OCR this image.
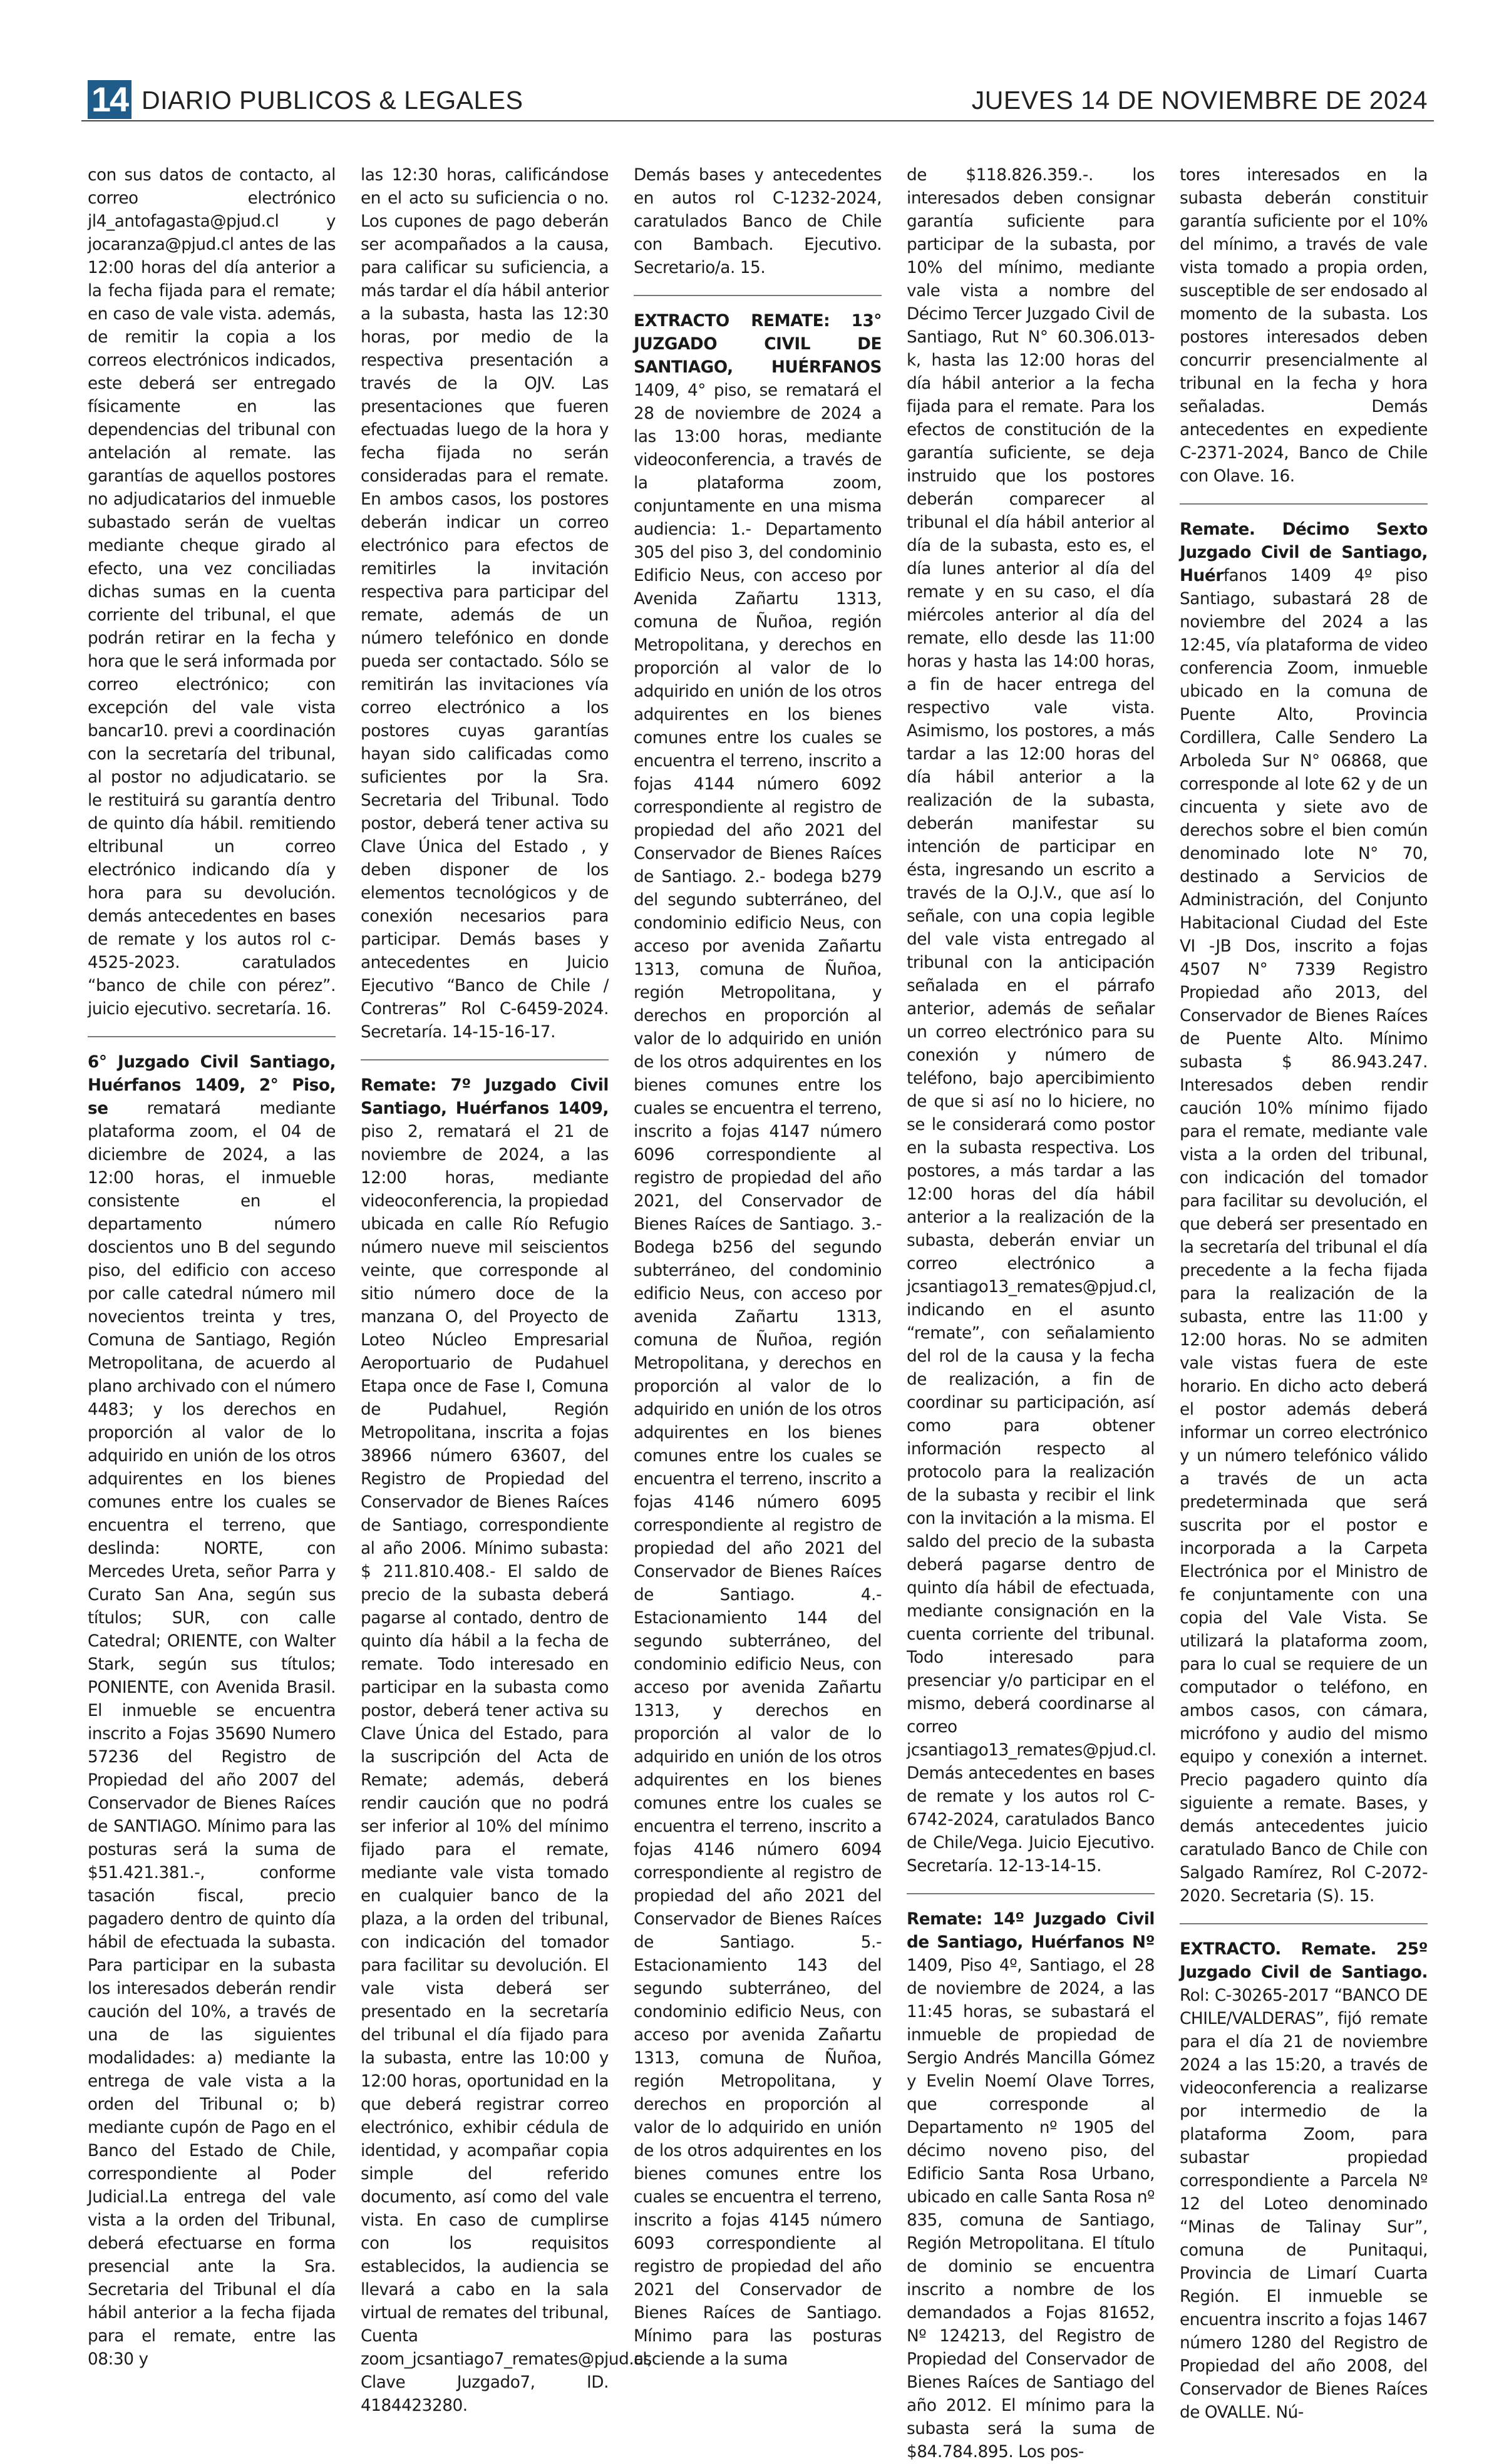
14 DIARIO PUBLICOS & LEGALES	JUEVES 14 DE NOVIEMBRE DE 2024

con sus datos de contacto, al correo electrónico jl4_antofagasta@pjud.cl y jocaranza@pjud.cl antes de las 12:00 horas del día anterior a la fecha fijada para el remate; en caso de vale vista. además, de remitir la copia a los correos electrónicos indicados, este deberá ser entregado físicamente en las dependencias del tribunal con antelación al remate. las garantías de aquellos postores no adjudicatarios del inmueble subastado serán de vueltas mediante cheque girado al efecto, una vez conciliadas dichas sumas en la cuenta corriente del tribunal, el que podrán retirar en la fecha y hora que le será informada por correo electrónico; con excepción del vale vista bancar10. previ a coordinación con la secretaría del tribunal, al postor no adjudicatario. se le restituirá su garantía dentro de quinto día hábil. remitiendo eltribunal un correo electrónico indicando día y hora para su devolución. demás antecedentes en bases de remate y los autos rol c-4525-2023. caratulados “banco de chile con pérez”. juicio ejecutivo. secretaría. 16.

6° Juzgado Civil Santiago, Huérfanos 1409, 2° Piso, se rematará mediante plataforma zoom, el 04 de diciembre de 2024, a las 12:00 horas, el inmueble consistente en el departamento número doscientos uno B del segundo piso, del edificio con acceso por calle catedral número mil novecientos treinta y tres, Comuna de Santiago, Región Metropolitana, de acuerdo al plano archivado con el número 4483; y los derechos en proporción al valor de lo adquirido en unión de los otros adquirentes en los bienes comunes entre los cuales se encuentra el terreno, que deslinda: NORTE, con Mercedes Ureta, señor Parra y Curato San Ana, según sus títulos; SUR, con calle Catedral; ORIENTE, con Walter Stark, según sus títulos; PONIENTE, con Avenida Brasil. El inmueble se encuentra inscrito a Fojas 35690 Numero 57236 del Registro de Propiedad del año 2007 del Conservador de Bienes Raíces de SANTIAGO. Mínimo para las posturas será la suma de $51.421.381.-, conforme tasación fiscal, precio pagadero dentro de quinto día hábil de efectuada la subasta. Para participar en la subasta los interesados deberán rendir caución del 10%, a través de una de las siguientes modalidades: a) mediante la entrega de vale vista a la orden del Tribunal o; b) mediante cupón de Pago en el Banco del Estado de Chile, correspondiente al Poder Judicial.La entrega del vale vista a la orden del Tribunal, deberá efectuarse en forma presencial ante la Sra. Secretaria del Tribunal el día hábil anterior a la fecha fijada para el remate, entre las 08:30 y

las 12:30 horas, calificándose en el acto su suficiencia o no. Los cupones de pago deberán ser acompañados a la causa, para calificar su suficiencia, a más tardar el día hábil anterior a la subasta, hasta las 12:30 horas, por medio de la respectiva presentación a través de la OJV. Las presentaciones que fueren efectuadas luego de la hora y fecha fijada no serán consideradas para el remate. En ambos casos, los postores deberán indicar un correo electrónico para efectos de remitirles la invitación respectiva para participar del remate, además de un número telefónico en donde pueda ser contactado. Sólo se remitirán las invitaciones vía correo electrónico a los postores cuyas garantías hayan sido calificadas como suficientes por la Sra. Secretaria del Tribunal. Todo postor, deberá tener activa su Clave Única del Estado , y deben disponer de los elementos tecnológicos y de conexión necesarios para participar. Demás bases y antecedentes en Juicio Ejecutivo “Banco de Chile / Contreras” Rol C-6459-2024. Secretaría. 14-15-16-17.

Remate: 7º Juzgado Civil Santiago, Huérfanos 1409, piso 2, rematará el 21 de noviembre de 2024, a las 12:00 horas, mediante videoconferencia, la propiedad ubicada en calle Río Refugio número nueve mil seiscientos veinte, que corresponde al sitio número doce de la manzana O, del Proyecto de Loteo Núcleo Empresarial Aeroportuario de Pudahuel Etapa once de Fase I, Comuna de Pudahuel, Región Metropolitana, inscrita a fojas 38966 número 63607, del Registro de Propiedad del Conservador de Bienes Raíces de Santiago, correspondiente al año 2006. Mínimo subasta: $ 211.810.408.- El saldo de precio de la subasta deberá pagarse al contado, dentro de quinto día hábil a la fecha de remate. Todo interesado en participar en la subasta como postor, deberá tener activa su Clave Única del Estado, para la suscripción del Acta de Remate; además, deberá rendir caución que no podrá ser inferior al 10% del mínimo fijado para el remate, mediante vale vista tomado en cualquier banco de la plaza, a la orden del tribunal, con indicación del tomador para facilitar su devolución. El vale vista deberá ser presentado en la secretaría del tribunal el día fijado para la subasta, entre las 10:00 y 12:00 horas, oportunidad en la que deberá registrar correo electrónico, exhibir cédula de identidad, y acompañar copia simple del referido documento, así como del vale vista. En caso de cumplirse con los requisitos establecidos, la audiencia se llevará a cabo en la sala virtual de remates del tribunal, Cuenta zoom_jcsantiago7_remates@pjud.cl, Clave Juzgado7, ID. 4184423280.

Demás bases y antecedentes en autos rol C-1232-2024, caratulados Banco de Chile con Bambach. Ejecutivo. Secretario/a. 15.

EXTRACTO REMATE: 13° JUZGADO CIVIL DE SANTIAGO, HUÉRFANOS 1409, 4° piso, se rematará el 28 de noviembre de 2024 a las 13:00 horas, mediante videoconferencia, a través de la plataforma zoom, conjuntamente en una misma audiencia: 1.- Departamento 305 del piso 3, del condominio Edificio Neus, con acceso por Avenida Zañartu 1313, comuna de Ñuñoa, región Metropolitana, y derechos en proporción al valor de lo adquirido en unión de los otros adquirentes en los bienes comunes entre los cuales se encuentra el terreno, inscrito a fojas 4144 número 6092 correspondiente al registro de propiedad del año 2021 del Conservador de Bienes Raíces de Santiago. 2.- bodega b279 del segundo subterráneo, del condominio edificio Neus, con acceso por avenida Zañartu 1313, comuna de Ñuñoa, región Metropolitana, y derechos en proporción al valor de lo adquirido en unión de los otros adquirentes en los bienes comunes entre los cuales se encuentra el terreno, inscrito a fojas 4147 número 6096 correspondiente al registro de propiedad del año 2021, del Conservador de Bienes Raíces de Santiago. 3.- Bodega b256 del segundo subterráneo, del condominio edificio Neus, con acceso por avenida Zañartu 1313, comuna de Ñuñoa, región Metropolitana, y derechos en proporción al valor de lo adquirido en unión de los otros adquirentes en los bienes comunes entre los cuales se encuentra el terreno, inscrito a fojas 4146 número 6095 correspondiente al registro de propiedad del año 2021 del Conservador de Bienes Raíces de Santiago. 4.- Estacionamiento 144 del segundo subterráneo, del condominio edificio Neus, con acceso por avenida Zañartu 1313, y derechos en proporción al valor de lo adquirido en unión de los otros adquirentes en los bienes comunes entre los cuales se encuentra el terreno, inscrito a fojas 4146 número 6094 correspondiente al registro de propiedad del año 2021 del Conservador de Bienes Raíces de Santiago. 5.- Estacionamiento 143 del segundo subterráneo, del condominio edificio Neus, con acceso por avenida Zañartu 1313, comuna de Ñuñoa, región Metropolitana, y derechos en proporción al valor de lo adquirido en unión de los otros adquirentes en los bienes comunes entre los cuales se encuentra el terreno, inscrito a fojas 4145 número 6093 correspondiente al registro de propiedad del año 2021 del Conservador de Bienes Raíces de Santiago. Mínimo para las posturas asciende a la suma

de $118.826.359.-. los interesados deben consignar garantía suficiente para participar de la subasta, por 10% del mínimo, mediante vale vista a nombre del Décimo Tercer Juzgado Civil de Santiago, Rut N° 60.306.013-k, hasta las 12:00 horas del día hábil anterior a la fecha fijada para el remate. Para los efectos de constitución de la garantía suficiente, se deja instruido que los postores deberán comparecer al tribunal el día hábil anterior al día de la subasta, esto es, el día lunes anterior al día del remate y en su caso, el día miércoles anterior al día del remate, ello desde las 11:00 horas y hasta las 14:00 horas, a fin de hacer entrega del respectivo vale vista. Asimismo, los postores, a más tardar a las 12:00 horas del día hábil anterior a la realización de la subasta, deberán manifestar su intención de participar en ésta, ingresando un escrito a través de la O.J.V., que así lo señale, con una copia legible del vale vista entregado al tribunal con la anticipación señalada en el párrafo anterior, además de señalar un correo electrónico para su conexión y número de teléfono, bajo apercibimiento de que si así no lo hiciere, no se le considerará como postor en la subasta respectiva. Los postores, a más tardar a las 12:00 horas del día hábil anterior a la realización de la subasta, deberán enviar un correo electrónico a jcsantiago13_remates@pjud.cl, indicando en el asunto “remate”, con señalamiento del rol de la causa y la fecha de realización, a fin de coordinar su participación, así como para obtener información respecto al protocolo para la realización de la subasta y recibir el link con la invitación a la misma. El saldo del precio de la subasta deberá pagarse dentro de quinto día hábil de efectuada, mediante consignación en la cuenta corriente del tribunal. Todo interesado para presenciar y/o participar en el mismo, deberá coordinarse al correo jcsantiago13_remates@pjud.cl. Demás antecedentes en bases de remate y los autos rol C-6742-2024, caratulados Banco de Chile/Vega. Juicio Ejecutivo. Secretaría. 12-13-14-15.

Remate: 14º Juzgado Civil de Santiago, Huérfanos Nº 1409, Piso 4º, Santiago, el 28 de noviembre de 2024, a las 11:45 horas, se subastará el inmueble de propiedad de Sergio Andrés Mancilla Gómez y Evelin Noemí Olave Torres, que corresponde al Departamento nº 1905 del décimo noveno piso, del Edificio Santa Rosa Urbano, ubicado en calle Santa Rosa nº 835, comuna de Santiago, Región Metropolitana. El título de dominio se encuentra inscrito a nombre de los demandados a Fojas 81652, Nº 124213, del Registro de Propiedad del Conservador de Bienes Raíces de Santiago del año 2012. El mínimo para la subasta será la suma de $84.784.895. Los pos-

tores interesados en la subasta deberán constituir garantía suficiente por el 10% del mínimo, a través de vale vista tomado a propia orden, susceptible de ser endosado al momento de la subasta. Los postores interesados deben concurrir presencialmente al tribunal en la fecha y hora señaladas. Demás antecedentes en expediente C-2371-2024, Banco de Chile con Olave. 16.

Remate. Décimo Sexto Juzgado Civil de Santiago, Huérfanos 1409 4º piso Santiago, subastará 28 de noviembre del 2024 a las 12:45, vía plataforma de video conferencia Zoom, inmueble ubicado en la comuna de Puente Alto, Provincia Cordillera, Calle Sendero La Arboleda Sur N° 06868, que corresponde al lote 62 y de un cincuenta y siete avo de derechos sobre el bien común denominado lote N° 70, destinado a Servicios de Administración, del Conjunto Habitacional Ciudad del Este VI -JB Dos, inscrito a fojas 4507 N° 7339 Registro Propiedad año 2013, del Conservador de Bienes Raíces de Puente Alto. Mínimo subasta $ 86.943.247. Interesados deben rendir caución 10% mínimo fijado para el remate, mediante vale vista a la orden del tribunal, con indicación del tomador para facilitar su devolución, el que deberá ser presentado en la secretaría del tribunal el día precedente a la fecha fijada para la realización de la subasta, entre las 11:00 y 12:00 horas. No se admiten vale vistas fuera de este horario. En dicho acto deberá el postor además deberá informar un correo electrónico y un número telefónico válido a través de un acta predeterminada que será suscrita por el postor e incorporada a la Carpeta Electrónica por el Ministro de fe conjuntamente con una copia del Vale Vista. Se utilizará la plataforma zoom, para lo cual se requiere de un computador o teléfono, en ambos casos, con cámara, micrófono y audio del mismo equipo y conexión a internet. Precio pagadero quinto día siguiente a remate. Bases, y demás antecedentes juicio caratulado Banco de Chile con Salgado Ramírez, Rol C-2072-2020. Secretaria (S). 15.

EXTRACTO. Remate. 25º Juzgado Civil de Santiago. Rol: C-30265-2017 “BANCO DE CHILE/VALDERAS”, fijó remate para el día 21 de noviembre 2024 a las 15:20, a través de videoconferencia a realizarse por intermedio de la plataforma Zoom, para subastar propiedad correspondiente a Parcela Nº 12 del Loteo denominado “Minas de Talinay Sur”, comuna de Punitaqui, Provincia de Limarí Cuarta Región. El inmueble se encuentra inscrito a fojas 1467 número 1280 del Registro de Propiedad del año 2008, del Conservador de Bienes Raíces de OVALLE. Nú-
